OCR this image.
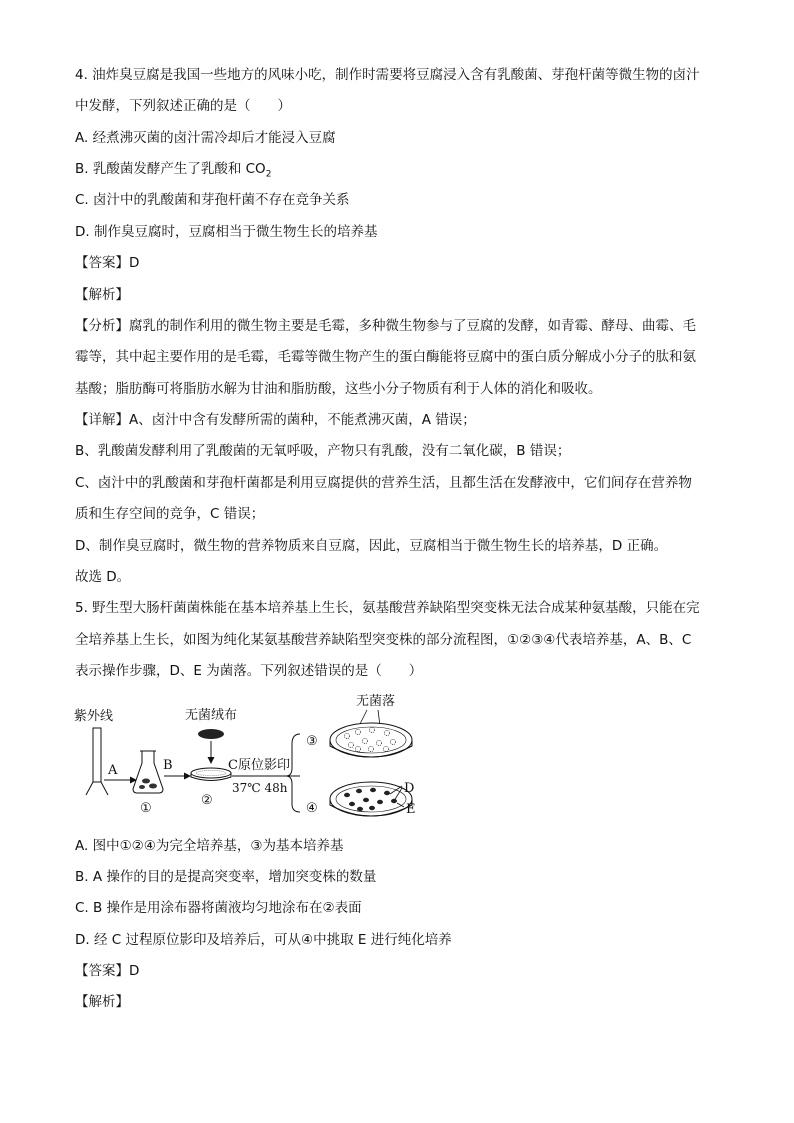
4. 油炸臭豆腐是我国一些地方的风味小吃，制作时需要将豆腐浸入含有乳酸菌、芽孢杆菌等微生物的卤汁
中发酵，下列叙述正确的是（　　）
A. 经煮沸灭菌的卤汁需冷却后才能浸入豆腐
B. 乳酸菌发酵产生了乳酸和 $CO_2$
C. 卤汁中的乳酸菌和芽孢杆菌不存在竞争关系
D. 制作臭豆腐时，豆腐相当于微生物生长的培养基
【答案】D
【解析】
【分析】腐乳的制作利用的微生物主要是毛霉，多种微生物参与了豆腐的发酵，如青霉、酵母、曲霉、毛
霉等，其中起主要作用的是毛霉，毛霉等微生物产生的蛋白酶能将豆腐中的蛋白质分解成小分子的肽和氨
基酸；脂肪酶可将脂肪水解为甘油和脂肪酸，这些小分子物质有利于人体的消化和吸收。
【详解】A、卤汁中含有发酵所需的菌种，不能煮沸灭菌，A 错误；
B、乳酸菌发酵利用了乳酸菌的无氧呼吸，产物只有乳酸，没有二氧化碳，B 错误；
C、卤汁中的乳酸菌和芽孢杆菌都是利用豆腐提供的营养生活，且都生活在发酵液中，它们间存在营养物
质和生存空间的竞争，C 错误；
D、制作臭豆腐时，微生物的营养物质来自豆腐，因此，豆腐相当于微生物生长的培养基，D 正确。
故选 D。
5. 野生型大肠杆菌菌株能在基本培养基上生长，氨基酸营养缺陷型突变株无法合成某种氨基酸，只能在完
全培养基上生长，如图为纯化某氨基酸营养缺陷型突变株的部分流程图，①②③④代表培养基，A、B、C
表示操作步骤，D、E 为菌落。下列叙述错误的是（　　）
紫外线
A
①
B
无菌绒布
②
C原位影印
37℃ 48h
③
无菌落
④
D
E
A. 图中①②④为完全培养基，③为基本培养基
B. A 操作的目的是提高突变率，增加突变株的数量
C. B 操作是用涂布器将菌液均匀地涂布在②表面
D. 经 C 过程原位影印及培养后，可从④中挑取 E 进行纯化培养
【答案】D
【解析】
